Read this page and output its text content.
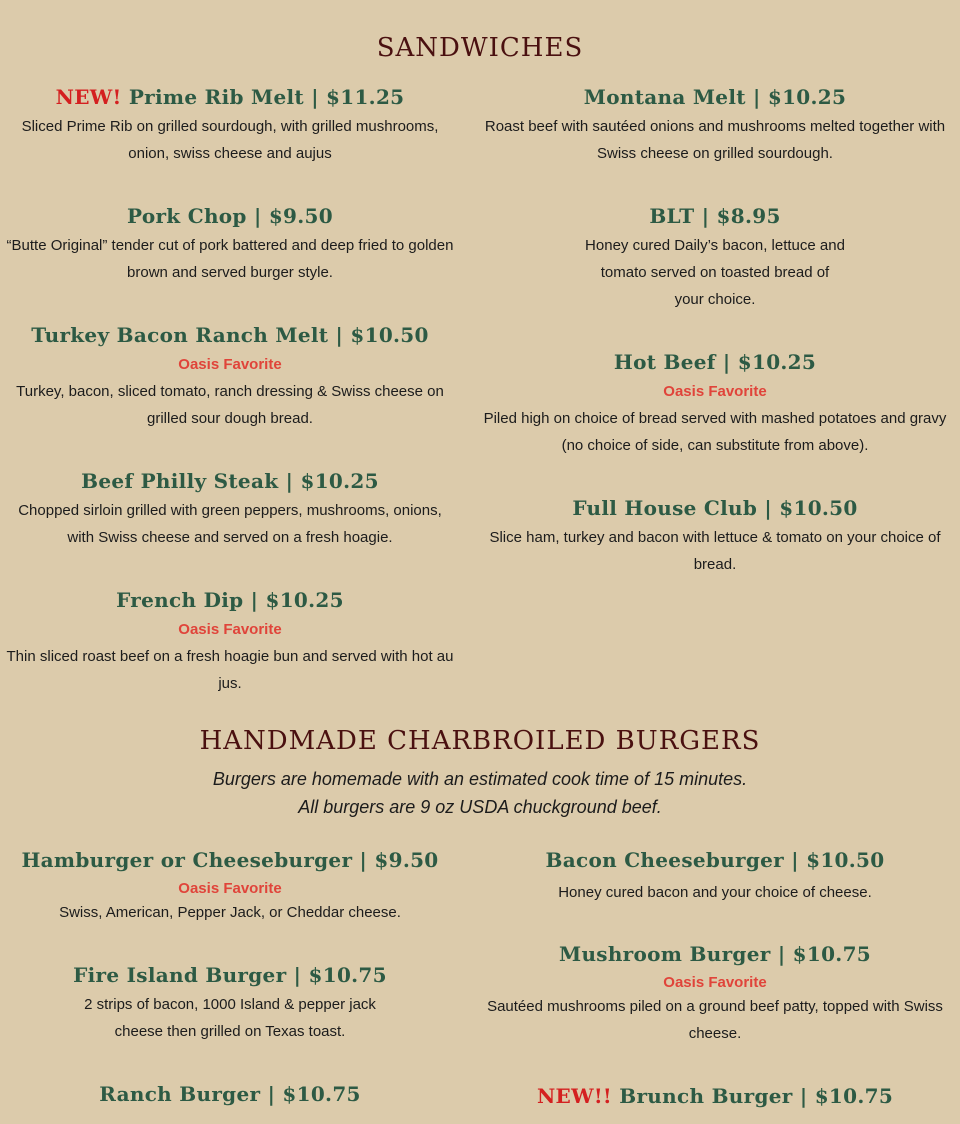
SANDWICHES
NEW! Prime Rib Melt | $11.25
Sliced Prime Rib on grilled sourdough, with grilled mushrooms, onion, swiss cheese and aujus
Pork Chop | $9.50
“Butte Original” tender cut of pork battered and deep fried to golden brown and served burger style.
Turkey Bacon Ranch Melt | $10.50
Oasis Favorite
Turkey, bacon, sliced tomato, ranch dressing & Swiss cheese on grilled sour dough bread.
Beef Philly Steak | $10.25
Chopped sirloin grilled with green peppers, mushrooms, onions, with Swiss cheese and served on a fresh hoagie.
French Dip | $10.25
Oasis Favorite
Thin sliced roast beef on a fresh hoagie bun and served with hot au jus.
Montana Melt | $10.25
Roast beef with sautéed onions and mushrooms melted together with Swiss cheese on grilled sourdough.
BLT | $8.95
Honey cured Daily’s bacon, lettuce and tomato served on toasted bread of your choice.
Hot Beef | $10.25
Oasis Favorite
Piled high on choice of bread served with mashed potatoes and gravy (no choice of side, can substitute from above).
Full House Club | $10.50
Slice ham, turkey and bacon with lettuce & tomato on your choice of bread.
HANDMADE CHARBROILED BURGERS
Burgers are homemade with an estimated cook time of 15 minutes.
All burgers are 9 oz USDA chuckground beef.
Hamburger or Cheeseburger | $9.50
Oasis Favorite
Swiss, American, Pepper Jack, or Cheddar cheese.
Fire Island Burger | $10.75
2 strips of bacon, 1000 Island & pepper jack cheese then grilled on Texas toast.
Ranch Burger | $10.75
Bacon Cheeseburger | $10.50
Honey cured bacon and your choice of cheese.
Mushroom Burger | $10.75
Oasis Favorite
Sautéed mushrooms piled on a ground beef patty, topped with Swiss cheese.
NEW!! Brunch Burger | $10.75
